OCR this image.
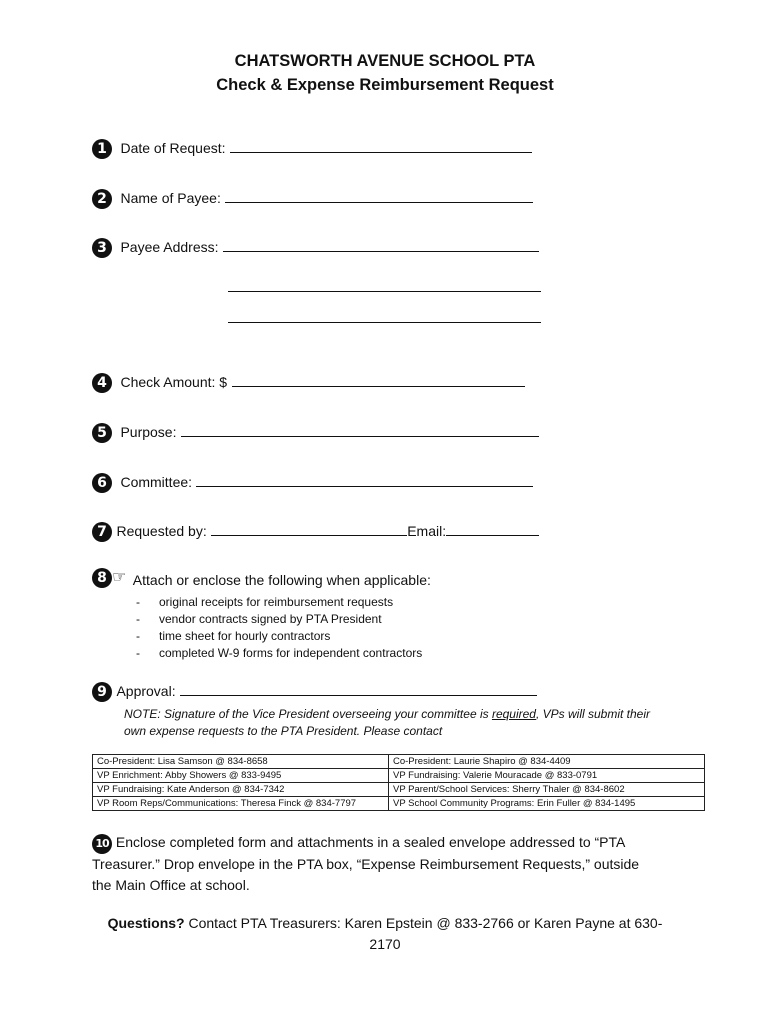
CHATSWORTH AVENUE SCHOOL PTA
Check & Expense Reimbursement Request
1 Date of Request:
2 Name of Payee:
3 Payee Address:
4 Check Amount: $
5 Purpose:
6 Committee:
7 Requested by:	Email:
8 ☞ Attach or enclose the following when applicable:
- original receipts for reimbursement requests
- vendor contracts signed by PTA President
- time sheet for hourly contractors
- completed W-9 forms for independent contractors
9 Approval:
NOTE: Signature of the Vice President overseeing your committee is required, VPs will submit their
own expense requests to the PTA President. Please contact
Co-President: Lisa Samson @ 834-8658	Co-President: Laurie Shapiro @ 834-4409
VP Enrichment: Abby Showers @ 833-9495	VP Fundraising: Valerie Mouracade @ 833-0791
VP Fundraising: Kate Anderson @ 834-7342	VP Parent/School Services: Sherry Thaler @ 834-8602
VP Room Reps/Communications: Theresa Finck @ 834-7797	VP School Community Programs: Erin Fuller @ 834-1495
10 Enclose completed form and attachments in a sealed envelope addressed to “PTA
Treasurer.” Drop envelope in the PTA box, “Expense Reimbursement Requests,” outside
the Main Office at school.
Questions? Contact PTA Treasurers: Karen Epstein @ 833-2766 or Karen Payne at 630-
2170
